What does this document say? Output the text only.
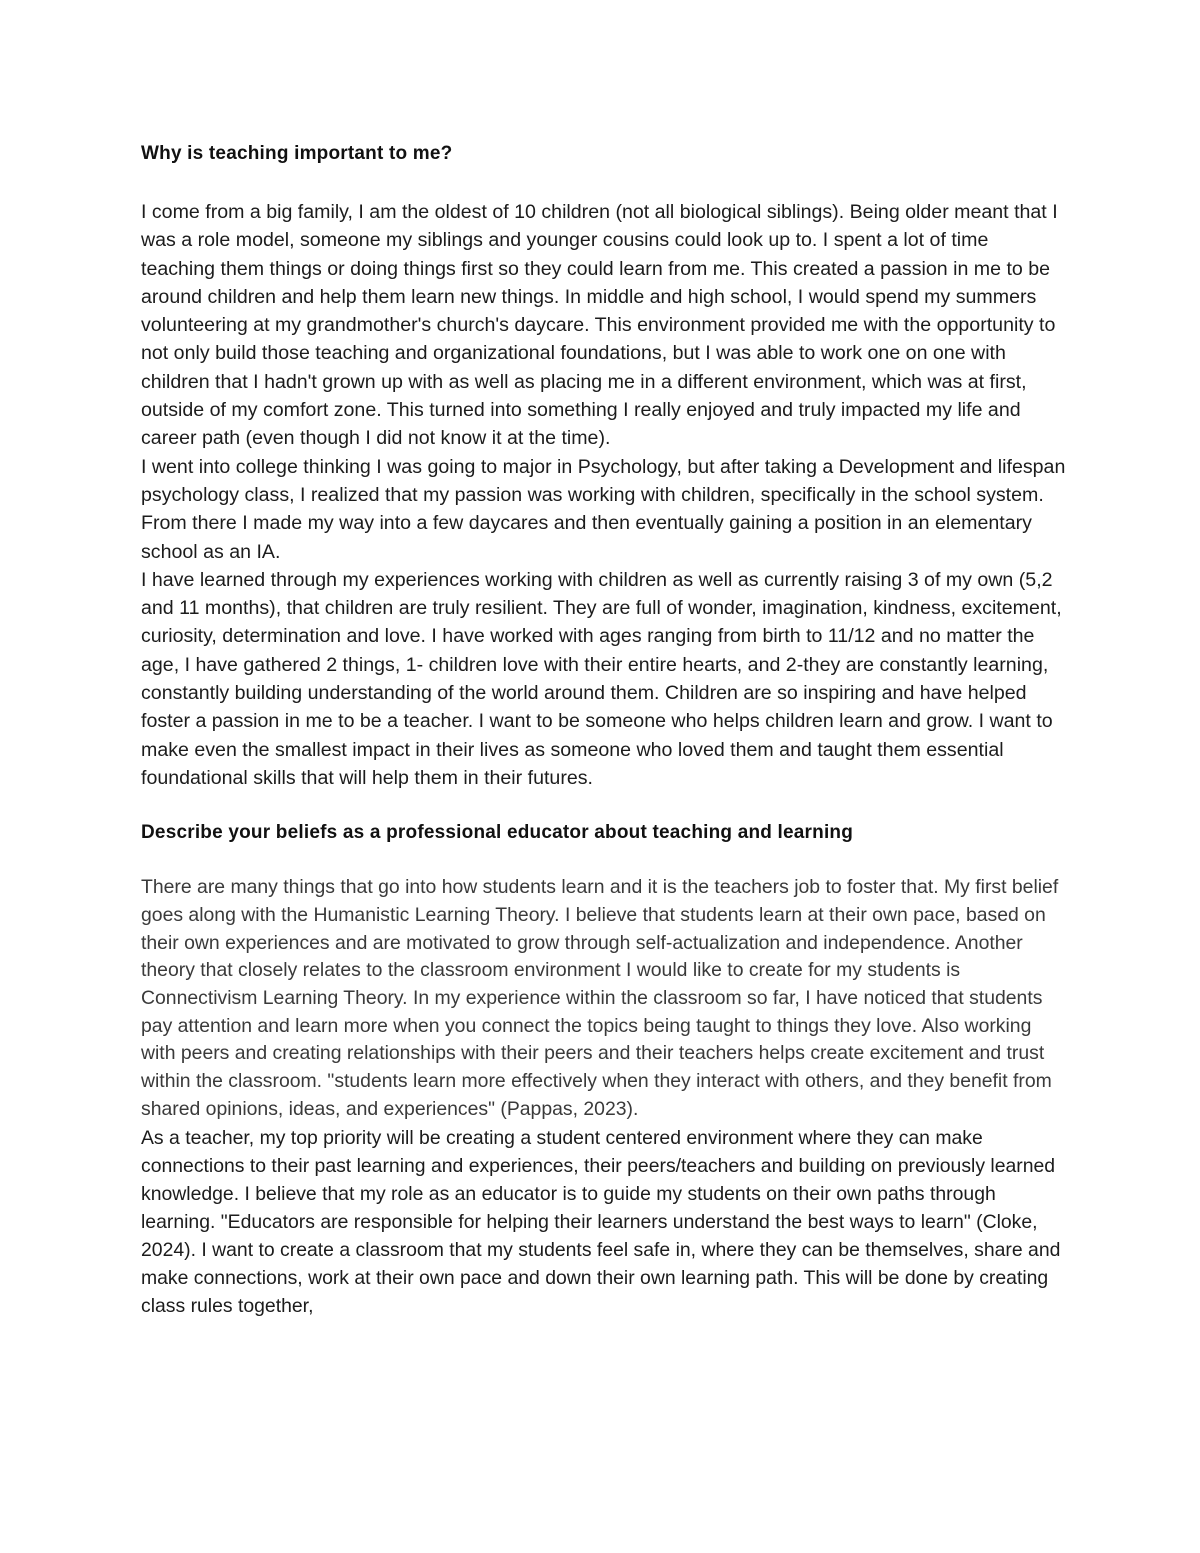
Why is teaching important to me?

I come from a big family, I am the oldest of 10 children (not all biological siblings). Being older meant that I was a role model, someone my siblings and younger cousins could look up to. I spent a lot of time teaching them things or doing things first so they could learn from me. This created a passion in me to be around children and help them learn new things. In middle and high school, I would spend my summers volunteering at my grandmother's church's daycare. This environment provided me with the opportunity to not only build those teaching and organizational foundations, but I was able to work one on one with children that I hadn't grown up with as well as placing me in a different environment, which was at first, outside of my comfort zone. This turned into something I really enjoyed and truly impacted my life and career path (even though I did not know it at the time).

I went into college thinking I was going to major in Psychology, but after taking a Development and lifespan psychology class, I realized that my passion was working with children, specifically in the school system. From there I made my way into a few daycares and then eventually gaining a position in an elementary school as an IA.

I have learned through my experiences working with children as well as currently raising 3 of my own (5,2 and 11 months), that children are truly resilient. They are full of wonder, imagination, kindness, excitement, curiosity, determination and love. I have worked with ages ranging from birth to 11/12 and no matter the age, I have gathered 2 things, 1- children love with their entire hearts, and 2-they are constantly learning, constantly building understanding of the world around them. Children are so inspiring and have helped foster a passion in me to be a teacher. I want to be someone who helps children learn and grow. I want to make even the smallest impact in their lives as someone who loved them and taught them essential foundational skills that will help them in their futures.

Describe your beliefs as a professional educator about teaching and learning

There are many things that go into how students learn and it is the teachers job to foster that. My first belief goes along with the Humanistic Learning Theory. I believe that students learn at their own pace, based on their own experiences and are motivated to grow through self-actualization and independence. Another theory that closely relates to the classroom environment I would like to create for my students is Connectivism Learning Theory. In my experience within the classroom so far, I have noticed that students pay attention and learn more when you connect the topics being taught to things they love. Also working with peers and creating relationships with their peers and their teachers helps create excitement and trust within the classroom. "students learn more effectively when they interact with others, and they benefit from shared opinions, ideas, and experiences" (Pappas, 2023).

As a teacher, my top priority will be creating a student centered environment where they can make connections to their past learning and experiences, their peers/teachers and building on previously learned knowledge. I believe that my role as an educator is to guide my students on their own paths through learning. "Educators are responsible for helping their learners understand the best ways to learn" (Cloke, 2024). I want to create a classroom that my students feel safe in, where they can be themselves, share and make connections, work at their own pace and down their own learning path. This will be done by creating class rules together,
